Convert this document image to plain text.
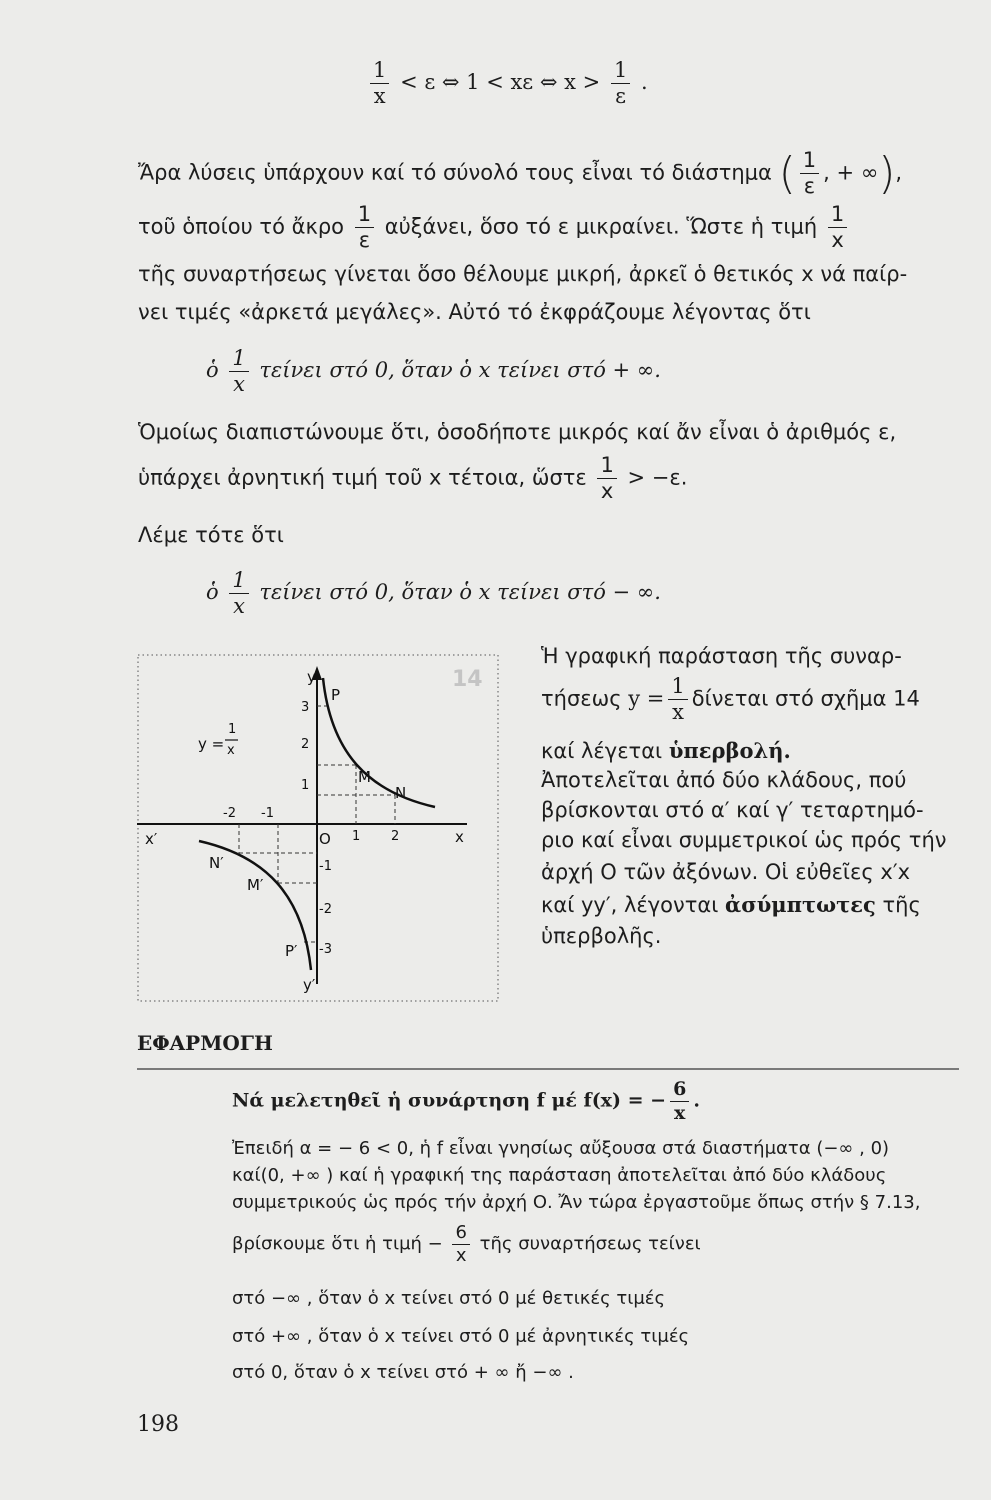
$\frac{1}{x} < \varepsilon$ ⇔ 1 < xε ⇔ $x > \frac{1}{\varepsilon}$ .
Ἄρα λύσεις ὑπάρχουν καί τό σύνολό τους εἶναι τό διάστημα ( $\frac{1}{\varepsilon}$ , + ∞),
τοῦ ὁποίου τό ἄκρο $\frac{1}{\varepsilon}$ αὐξάνει, ὅσο τό ε μικραίνει. Ὥστε ἡ τιμή $\frac{1}{x}$
τῆς συναρτήσεως γίνεται ὅσο θέλουμε μικρή, ἀρκεῖ ὁ θετικός x νά παίρ-
νει τιμές «ἀρκετά μεγάλες». Αὐτό τό ἐκφράζουμε λέγοντας ὅτι
ὁ $\frac{1}{x}$ τείνει στό 0, ὅταν ὁ x τείνει στό + ∞.
Ὁμοίως διαπιστώνουμε ὅτι, ὁσοδήποτε μικρός καί ἄν εἶναι ὁ ἀριθμός ε,
ὑπάρχει ἀρνητική τιμή τοῦ x τέτοια, ὥστε $\frac{1}{x} > -\varepsilon$.
Λέμε τότε ὅτι
ὁ $\frac{1}{x}$ τείνει στό 0, ὅταν ὁ x τείνει στό − ∞.
14
y
y′
x
x′	O
-2 -1
1 2
3
2
1
-1
-2
-3
P
M
N
N′
M′
P′
y =
1
x
Ἡ γραφική παράσταση τῆς συναρ-
τήσεως $y = \frac{1}{x}$ δίνεται στό σχῆμα 14
καί λέγεται ὑπερβολή.
Ἀποτελεῖται ἀπό δύο κλάδους, πού
βρίσκονται στό α′ καί γ′ τεταρτημό-
ριο καί εἶναι συμμετρικοί ὡς πρός τήν
ἀρχή Ο τῶν ἀξόνων. Οἱ εὐθεῖες x′x
καί yy′, λέγονται ἀσύμπτωτες τῆς
ὑπερβολῆς.
ΕΦΑΡΜΟΓΗ
Νά μελετηθεῖ ἡ συνάρτηση f μέ f(x) = − $\frac{6}{x}$ .
Ἐπειδή α = − 6 < 0, ἡ f εἶναι γνησίως αὔξουσα στά διαστήματα (−∞ , 0)
καί(0, +∞ ) καί ἡ γραφική της παράσταση ἀποτελεῖται ἀπό δύο κλάδους
συμμετρικούς ὡς πρός τήν ἀρχή Ο. Ἄν τώρα ἐργαστοῦμε ὅπως στήν § 7.13,
βρίσκουμε ὅτι ἡ $\tau\iota\mu ή - \frac{6}{x}$ τῆς συναρτήσεως τείνει
στό −∞ , ὅταν ὁ x τείνει στό 0 μέ θετικές τιμές
στό +∞ , ὅταν ὁ x τείνει στό 0 μέ ἀρνητικές τιμές
στό 0, ὅταν ὁ x τείνει στό + ∞ ἤ −∞ .
198
